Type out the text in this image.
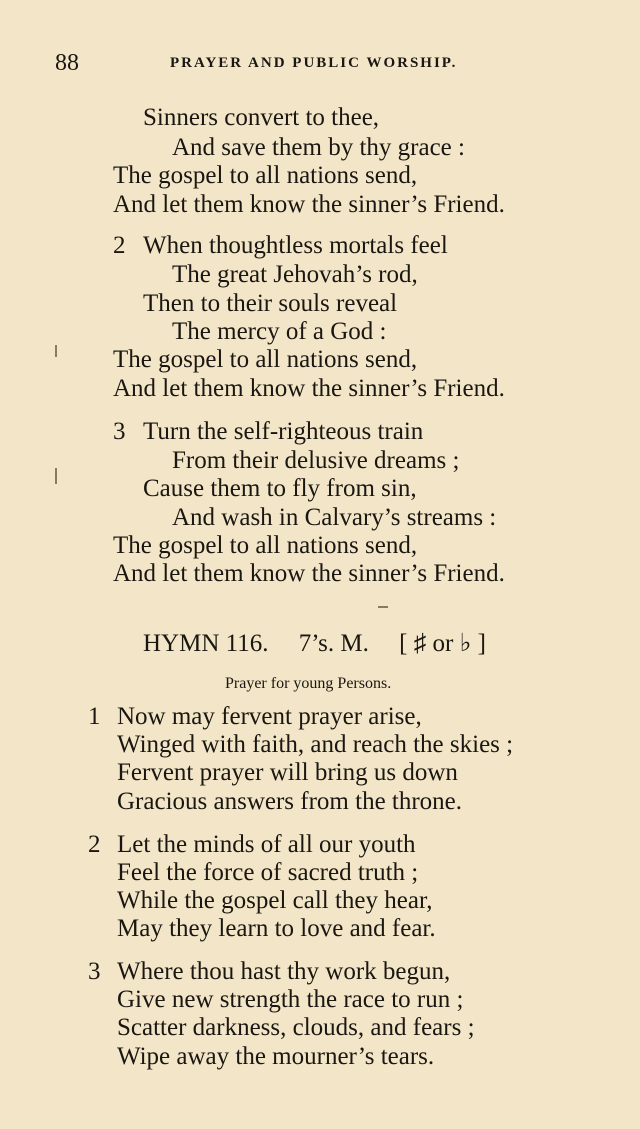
88	PRAYER AND PUBLIC WORSHIP.
Sinners convert to thee,
And save them by thy grace :
The gospel to all nations send,
And let them know the sinner’s Friend.
2 When thoughtless mortals feel
The great Jehovah’s rod,
Then to their souls reveal
The mercy of a God :
The gospel to all nations send,
And let them know the sinner’s Friend.
3 Turn the self-righteous train
From their delusive dreams ;
Cause them to fly from sin,
And wash in Calvary’s streams :
The gospel to all nations send,
And let them know the sinner’s Friend.
HYMN 116. 7’s. M. [ ♯ or ♭ ]
Prayer for young Persons.
1 Now may fervent prayer arise,
Winged with faith, and reach the skies ;
Fervent prayer will bring us down
Gracious answers from the throne.
2 Let the minds of all our youth
Feel the force of sacred truth ;
While the gospel call they hear,
May they learn to love and fear.
3 Where thou hast thy work begun,
Give new strength the race to run ;
Scatter darkness, clouds, and fears ;
Wipe away the mourner’s tears.
